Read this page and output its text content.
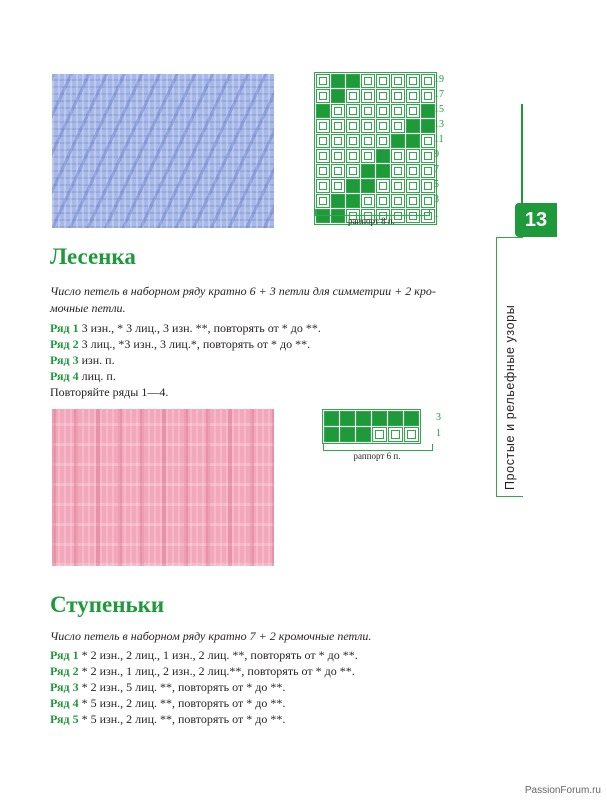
19
17
15
13
11
9
7
5
3
1
раппорт 8 п.	13
Простые и рельефные узоры
Лесенка
Число петель в наборном ряду кратно 6 + 3 петли для симметрии + 2 кро-
мочные петли.
Ряд 1 3 изн., * 3 лиц., 3 изн. **, повторять от * до **.
Ряд 2 3 лиц., *3 изн., 3 лиц.*, повторять от * до **.
Ряд 3 изн. п.
Ряд 4 лиц. п.
Повторяйте ряды 1—4.
3
1
раппорт 6 п.
Ступеньки
Число петель в наборном ряду кратно 7 + 2 кромочные петли.
Ряд 1 * 2 изн., 2 лиц., 1 изн., 2 лиц. **, повторять от * до **.
Ряд 2 * 2 изн., 1 лиц., 2 изн., 2 лиц.**, повторять от * до **.
Ряд 3 * 2 изн., 5 лиц. **, повторять от * до **.
Ряд 4 * 5 изн., 2 лиц. **, повторять от * до **.
Ряд 5 * 5 изн., 2 лиц. **, повторять от * до **.
PassionForum.ru
